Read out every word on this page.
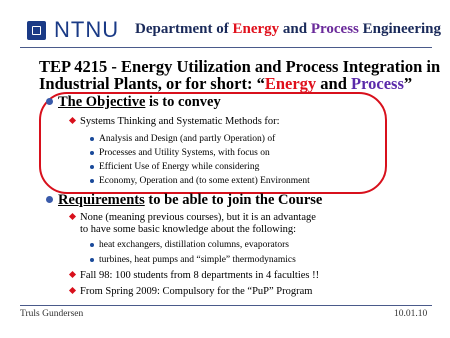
NTNU Department of Energy and Process Engineering
TEP 4215 - Energy Utilization and Process Integration in
Industrial Plants, or for short: “Energy and Process”
The Objective is to convey
Systems Thinking and Systematic Methods for:
Analysis and Design (and partly Operation) of
Processes and Utility Systems, with focus on
Efficient Use of Energy while considering
Economy, Operation and (to some extent) Environment
Requirements to be able to join the Course
None (meaning previous courses), but it is an advantage
to have some basic knowledge about the following:
heat exchangers, distillation columns, evaporators
turbines, heat pumps and “simple” thermodynamics
Fall 98: 100 students from 8 departments in 4 faculties !!
From Spring 2009: Compulsory for the “PuP” Program
Truls Gundersen	10.01.10
